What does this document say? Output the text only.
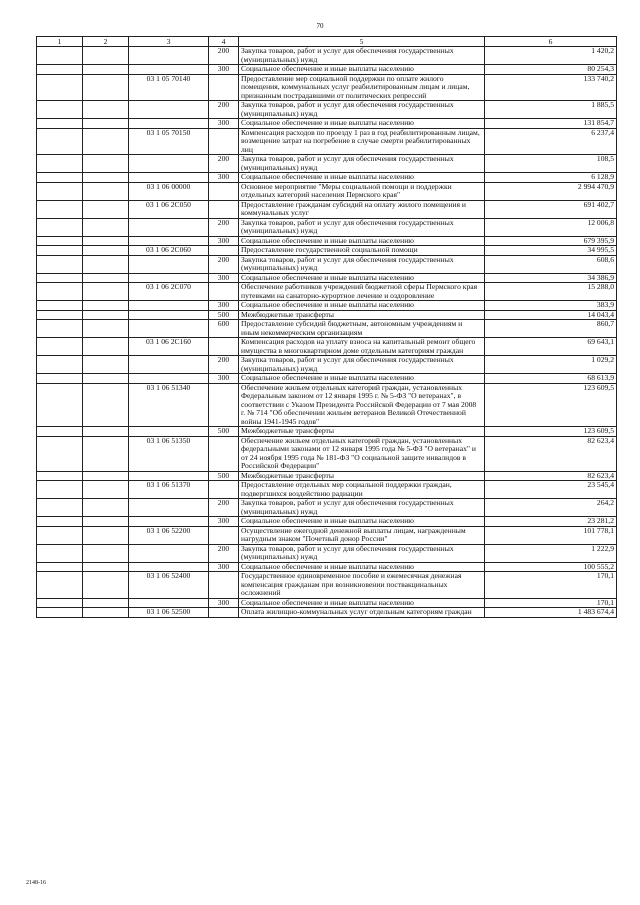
70
1	2	3	4	5	6
			200	Закупка товаров, работ и услуг для обеспечения государственных (муниципальных) нужд	1 420,2
			300	Социальное обеспечение и иные выплаты населению	80 254,3
		03 1 05 70140		Предоставление мер социальной поддержки по оплате жилого помещения, коммунальных услуг реабилитированным лицам и лицам, признанным пострадавшими от политических репрессий	133 740,2
			200	Закупка товаров, работ и услуг для обеспечения государственных (муниципальных) нужд	1 885,5
			300	Социальное обеспечение и иные выплаты населению	131 854,7
		03 1 05 70150		Компенсация расходов по проезду 1 раз в год реабилитированным лицам, возмещение затрат на погребение в случае смерти реабилитированных лиц	6 237,4
			200	Закупка товаров, работ и услуг для обеспечения государственных (муниципальных) нужд	108,5
			300	Социальное обеспечение и иные выплаты населению	6 128,9
		03 1 06 00000		Основное мероприятие "Меры социальной помощи и поддержки отдельных категорий населения Пермского края"	2 994 470,9
		03 1 06 2С050		Предоставление гражданам субсидий на оплату жилого помещения и коммунальных услуг	691 402,7
			200	Закупка товаров, работ и услуг для обеспечения государственных (муниципальных) нужд	12 006,8
			300	Социальное обеспечение и иные выплаты населению	679 395,9
		03 1 06 2С060		Предоставление государственной социальной помощи	34 995,5
			200	Закупка товаров, работ и услуг для обеспечения государственных (муниципальных) нужд	608,6
			300	Социальное обеспечение и иные выплаты населению	34 386,9
		03 1 06 2С070		Обеспечение работников учреждений бюджетной сферы Пермского края путевками на санаторно-курортное лечение и оздоровление	15 288,0
			300	Социальное обеспечение и иные выплаты населению	383,9
			500	Межбюджетные трансферты	14 043,4
			600	Предоставление субсидий бюджетным, автономным учреждениям и иным некоммерческим организациям	860,7
		03 1 06 2С160		Компенсация расходов на уплату взноса на капитальный ремонт общего имущества в многоквартирном доме отдельным категориям граждан	69 643,1
			200	Закупка товаров, работ и услуг для обеспечения государственных (муниципальных) нужд	1 029,2
			300	Социальное обеспечение и иные выплаты населению	68 613,9
		03 1 06 51340		Обеспечение жильем отдельных категорий граждан, установленных Федеральным законом от 12 января 1995 г. № 5-ФЗ "О ветеранах", в соответствии с Указом Президента Российской Федерации от 7 мая 2008 г. № 714 "Об обеспечении жильем ветеранов Великой Отечественной войны 1941-1945 годов"	123 609,5
			500	Межбюджетные трансферты	123 609,5
		03 1 06 51350		Обеспечение жильем отдельных категорий граждан, установленных федеральными законами от 12 января 1995 года № 5-ФЗ "О ветеранах" и от 24 ноября 1995 года № 181-ФЗ "О социальной защите инвалидов в Российской Федерации"	82 623,4
			500	Межбюджетные трансферты	82 623,4
		03 1 06 51370		Предоставление отдельных мер социальной поддержки граждан, подвергшихся воздействию радиации	23 545,4
			200	Закупка товаров, работ и услуг для обеспечения государственных (муниципальных) нужд	264,2
			300	Социальное обеспечение и иные выплаты населению	23 281,2
		03 1 06 52200		Осуществление ежегодной денежной выплаты лицам, награжденным нагрудным знаком "Почетный донор России"	101 778,1
			200	Закупка товаров, работ и услуг для обеспечения государственных (муниципальных) нужд	1 222,9
			300	Социальное обеспечение и иные выплаты населению	100 555,2
		03 1 06 52400		Государственное единовременное пособие и ежемесячная денежная компенсация гражданам при возникновении поствакцинальных осложнений	170,1
			300	Социальное обеспечение и иные выплаты населению	170,1
		03 1 06 52500		Оплата жилищно-коммунальных услуг отдельным категориям граждан	1 483 674,4
2148-16
